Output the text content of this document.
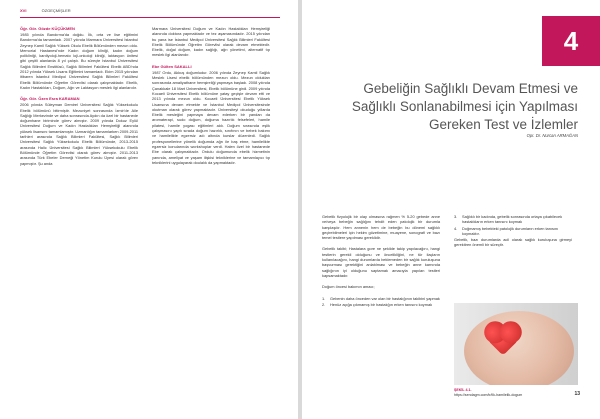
XVI	ÖZGEÇMİŞLER
Öğr. Gör. Gözde KÜÇÜKMEN

1985 yılında Bandırma'da doğdu. İlk, orta ve lise eğitimini Bandırma'da tamamladı. 2007 yılında Marmara Üniversitesi İstanbul Zeynep Kamil Sağlık Yüksek Okulu Ebelik Bölümünden mezun oldu. Memorial Hastanesi'nde Kadın doğum kliniği, kadın doğum polikliniği, kardiyoloji-hemato loji-onkoloji kliniği, laktasyon ünitesi gibi çeşitli alanlarda 8 yıl çalıştı. Bu süreçte İstanbul Üniversitesi Sağlık Bilimleri Enstitüsü, Sağlık Bilimleri Fakültesi Ebelik ABD'nda 2012 yılında Yüksek Lisans Eğitimini tamamladı. Ekim 2015 yılından itibaren İstanbul Medipol Üniversitesi Sağlık Bilimleri Fakültesi Ebelik Bölümünde Öğretim Görevlisi olarak çalışmaktadır. Ebelik, Kadın Hastalıkları, Doğum, Ağrı ve Laktasyon meslek ilgi alanlarıdır.

Öğr. Gör. Özen Esra KARAMAN

2006 yılında Süleyman Demirel Üniversitesi Sağlık Yüksekokulu Ebelik bölümünü bitirmiştir. Mezuniyet sonrasında İzmir'de Aile Sağlığı Merkezinde ve daha sonrasında Aydın da özel bir hastanede doğumhane biriminde görev almıştır. 2009 yılında Dokuz Eylül Üniversitesi Doğum ve Kadın Hastalıkları Hemşireliği alanında yüksek lisansını tamamlamıştır. Uzmanlığın tamamlarken 2009-2011 tarihleri arasında Sağlık Bilimleri Fakültesi, Sağlık Bilimleri Üniversitesi Sağlık Yüksekokulu Ebelik Bölümünde, 2013-2015 arasında Halic Üniversitesi Sağlık Bilimleri Yüksekokulu Ebelik Bölümünde Öğretim Görevlisi olarak görev almıştır. 2011-2013 arasında Türk Ebeler Derneği Yönetim Kurulu Üyesi olarak görev yapmıştır. Şu anda

Marmara Üniversitesi Doğum ve Kadın Hastalıkları Hemşireliği alanında doktora yapmaktadır ve tez aşamasındadır. 2015 yılından bu yana ise İstanbul Medipol Üniversitesi Sağlık Bilimleri Fakültesi Ebelik Bölümünde Öğretim Görevlisi olarak devam etmektedir. Ebelik, doğal doğum, kadın sağlığı, ağrı yönetimi, alternatif tıp meslek ilgi alanlarıdır.

Ebe Gülten SAKALLI

1987 Ordu, Akkuş doğumludur. 2006 yılında Zeynep Kamil Sağlık Meslek Lisesi ebelik bölümünden mezun oldu. Mezun oldukları sonrasında amaliyathane hemşireliği yapmaya başladı. 2008 yılında Çanakkale 18 Mart Üniversitesi, Ebelik bölümüne girdi. 2009 yılında Kocaeli Üniversitesi Ebelik bölümüne yatay geçişle devam etti ve 2013 yılında mezun oldu. Kocaeli Üniversitesi Ebelik Yüksek Lisansına devam etmekte ve İstanbul Medipol Üniversitesinde okutman olarak görev yapmaktadır. Üniversiteyi okuduğu yıllarda Ebelik mesleğini yapmaya devam ederken bir yandan da aromaterapi, sudo doğum, doğuma hazırlık felsefeleri, hamile pilatesi, hamile yogası eğitimleri aldı. Doğum sırasında eşlik çalışmasını yaptı sırada doğum hazırlık, sınıfının ve bebek bakımı ve hamilelikte egzersiz adı altında kurslar düzenledi. Sağlık profesyonellerine yönelik doğumda ağrı ile baş etme, hamilelikte egzersiz konularında workshoplar verdi. Halen özel bir hastanede Ebe olarak çalışmaktadır. Ordulu doğumunda ebelik hizmetinin yanında, ameliyat ve yaşam ilişkisi tekniklerine ve tamamlayıcı tıp tekniklerini uygulayarak doulalık da yapmaktadır.

4
Gebeliğin Sağlıklı Devam Etmesi ve
Sağlıklı Sonlanabilmesi için Yapılması
Gereken Test ve İzlemler
Opr. Dr. Nurcan ARMAĞAN

Gebelik fizyolojik bir olay olmasına rağmen % 5-20 gebede anne ve/veya bebeğin sağlığını tehdit eden patolojik bir durumla karşılaşılır. Hem annenin hem de bebeğin bu dönemi sağlıklı geçirebilmeleri için hekim gözetimine, muayene, sonografi ve bazı temel testlere yapılması gereklidir.

Gebelik takibi; Hastalara gore ne şekilde takip yapılacağını, hangi testlerin gerekli olduğunu ve öncelikliğini, ne tür ilaçların kullanılacağını, hangi durumlarda beklemeden bir sağlık kuruluşuna başvurması gerektiğini anlatılması ve bebeğin anne karnında sağlığının iyi olduğunu saptamak amacıyla yapılan testleri kapsamaktadır.

Doğum öncesi bakımın amacı;

1.	Gebenin daha önceden var olan bir hastalığının takibini yapmak
2.	Henüz açığa çıkmamış bir hastalığın erken tanısını koymak
3.	Sağlıklı bir kadında, gebelik sonrasında ortaya çıkabilecek hastalıkların erken tanısını koymak
4.	Doğmamış bebekteki patolojik durumların erken tanısını koymaktır.

Gebelik, bazı durumlarda acil olarak sağlık kuruluşuna girmeyi gerektiren önemli bir süreçtir.

ŞEKİL 4.1.
https://sendagm.com/tr/ilk-hamilelik-dogum	13
